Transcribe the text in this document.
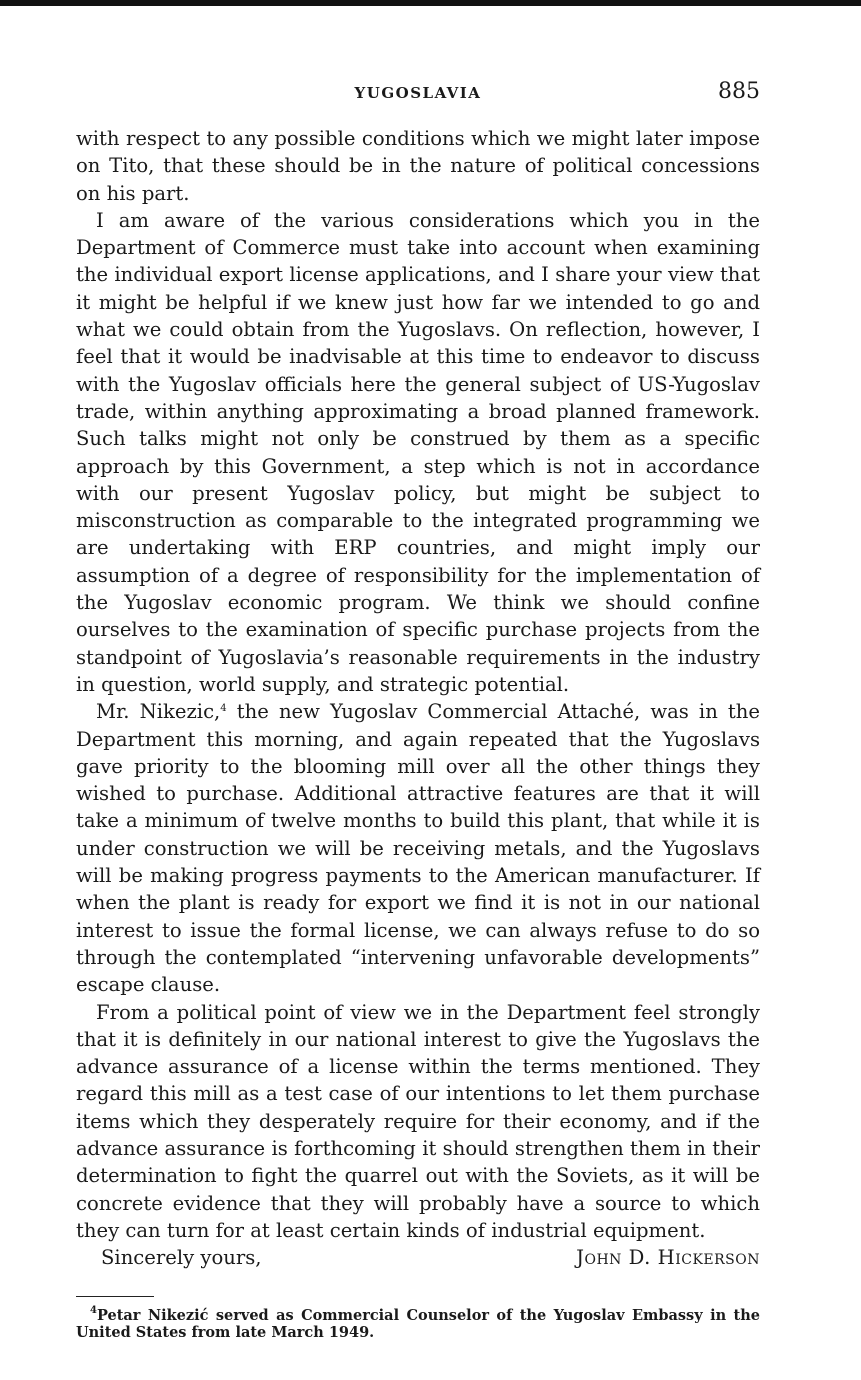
YUGOSLAVIA	885

with respect to any possible conditions which we might later impose on Tito, that these should be in the nature of political concessions on his part.

I am aware of the various considerations which you in the Department of Commerce must take into account when examining the individual export license applications, and I share your view that it might be helpful if we knew just how far we intended to go and what we could obtain from the Yugoslavs. On reflection, however, I feel that it would be inadvisable at this time to endeavor to discuss with the Yugoslav officials here the general subject of US-Yugoslav trade, within anything approximating a broad planned framework. Such talks might not only be construed by them as a specific approach by this Government, a step which is not in accordance with our present Yugoslav policy, but might be subject to misconstruction as comparable to the integrated programming we are undertaking with ERP countries, and might imply our assumption of a degree of responsibility for the implementation of the Yugoslav economic program. We think we should confine ourselves to the examination of specific purchase projects from the standpoint of Yugoslavia’s reasonable requirements in the industry in question, world supply, and strategic potential.

Mr. Nikezic,$^4$ the new Yugoslav Commercial Attaché, was in the Department this morning, and again repeated that the Yugoslavs gave priority to the blooming mill over all the other things they wished to purchase. Additional attractive features are that it will take a minimum of twelve months to build this plant, that while it is under construction we will be receiving metals, and the Yugoslavs will be making progress payments to the American manufacturer. If when the plant is ready for export we find it is not in our national interest to issue the formal license, we can always refuse to do so through the contemplated “intervening unfavorable developments” escape clause.

From a political point of view we in the Department feel strongly that it is definitely in our national interest to give the Yugoslavs the advance assurance of a license within the terms mentioned. They regard this mill as a test case of our intentions to let them purchase items which they desperately require for their economy, and if the advance assurance is forthcoming it should strengthen them in their determination to fight the quarrel out with the Soviets, as it will be concrete evidence that they will probably have a source to which they can turn for at least certain kinds of industrial equipment.

Sincerely yours,	John D. Hickerson
$^4$Petar Nikezić served as Commercial Counselor of the Yugoslav Embassy in the United States from late March 1949.
